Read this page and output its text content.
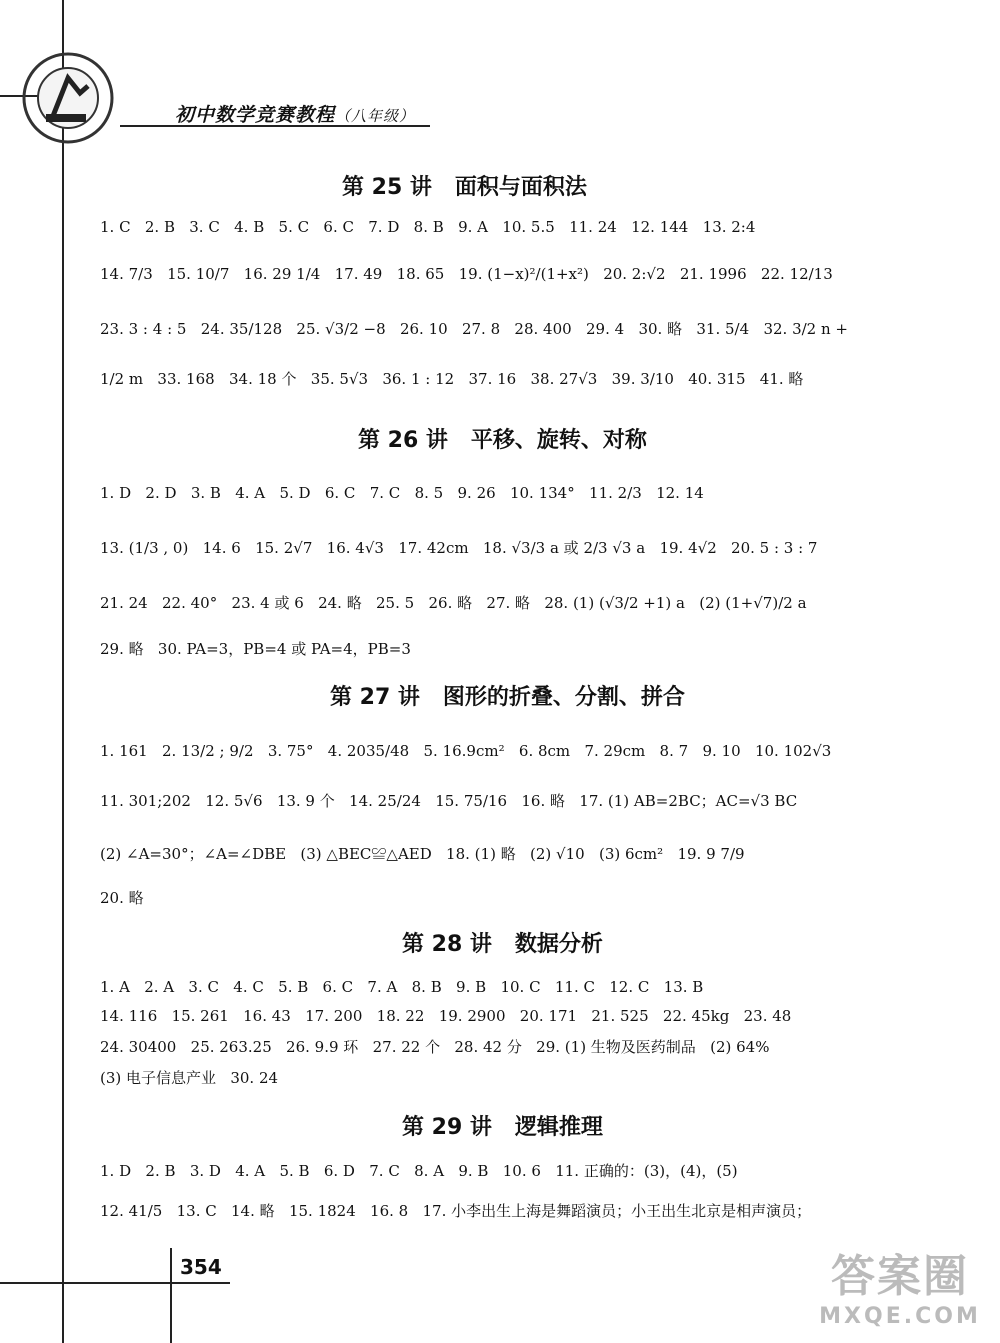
初中数学竞赛教程（八年级）
第 25 讲   面积与面积法
1. C   2. B   3. C   4. B   5. C   6. C   7. D   8. B   9. A   10. 5.5   11. 24   12. 144   13. 2:4
14. 7/3   15. 10/7   16. 29 1/4   17. 49   18. 65   19. (1−x)²/(1+x²)   20. 2:√2   21. 1996   22. 12/13
23. 3 : 4 : 5   24. 35/128   25. √3/2 −8   26. 10   27. 8   28. 400   29. 4   30. 略   31. 5/4   32. 3/2 n +
1/2 m   33. 168   34. 18 个   35. 5√3   36. 1 : 12   37. 16   38. 27√3   39. 3/10   40. 315   41. 略
第 26 讲   平移、旋转、对称
1. D   2. D   3. B   4. A   5. D   6. C   7. C   8. 5   9. 26   10. 134°   11. 2/3   12. 14
13. (1/3 , 0)   14. 6   15. 2√7   16. 4√3   17. 42cm   18. √3/3 a 或 2/3 √3 a   19. 4√2   20. 5 : 3 : 7
21. 24   22. 40°   23. 4 或 6   24. 略   25. 5   26. 略   27. 略   28. (1) (√3/2 +1) a   (2) (1+√7)/2 a
29. 略   30. PA=3，PB=4 或 PA=4，PB=3
第 27 讲   图形的折叠、分割、拼合
1. 161   2. 13/2 ; 9/2   3. 75°   4. 2035/48   5. 16.9cm²   6. 8cm   7. 29cm   8. 7   9. 10   10. 102√3
11. 301;202   12. 5√6   13. 9 个   14. 25/24   15. 75/16   16. 略   17. (1) AB=2BC；AC=√3 BC
(2) ∠A=30°；∠A=∠DBE   (3) △BEC≌△AED   18. (1) 略   (2) √10   (3) 6cm²   19. 9 7/9
20. 略
第 28 讲   数据分析
1. A   2. A   3. C   4. C   5. B   6. C   7. A   8. B   9. B   10. C   11. C   12. C   13. B
14. 116   15. 261   16. 43   17. 200   18. 22   19. 2900   20. 171   21. 525   22. 45kg   23. 48
24. 30400   25. 263.25   26. 9.9 环   27. 22 个   28. 42 分   29. (1) 生物及医药制品   (2) 64%
(3) 电子信息产业   30. 24
第 29 讲   逻辑推理
1. D   2. B   3. D   4. A   5. B   6. D   7. C   8. A   9. B   10. 6   11. 正确的：(3)，(4)，(5)
12. 41/5   13. C   14. 略   15. 1824   16. 8   17. 小李出生上海是舞蹈演员；小王出生北京是相声演员；
354	答案圈
MXQE.COM
